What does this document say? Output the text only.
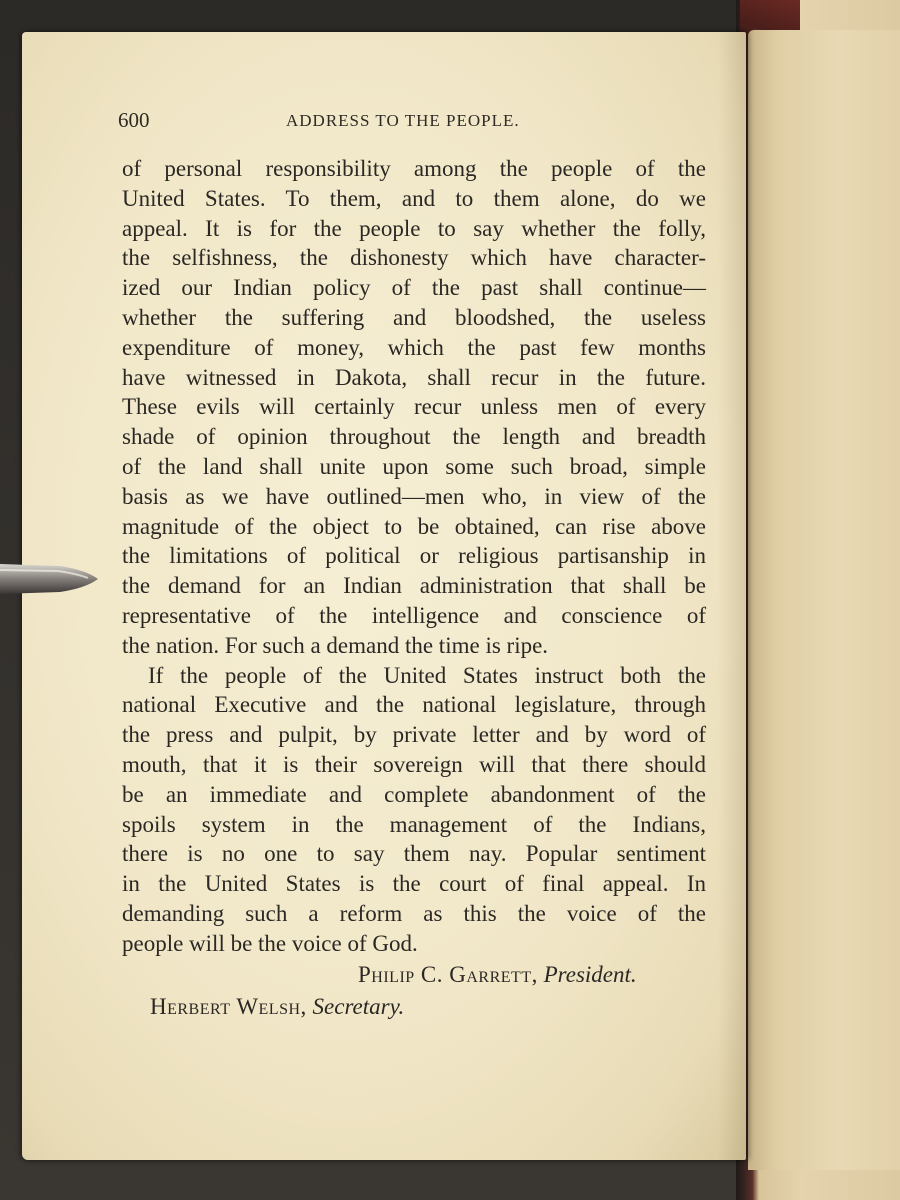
600	ADDRESS TO THE PEOPLE.
of personal responsibility among the people of the
United States. To them, and to them alone, do we
appeal. It is for the people to say whether the folly,
the selfishness, the dishonesty which have character-
ized our Indian policy of the past shall continue—
whether the suffering and bloodshed, the useless
expenditure of money, which the past few months
have witnessed in Dakota, shall recur in the future.
These evils will certainly recur unless men of every
shade of opinion throughout the length and breadth
of the land shall unite upon some such broad, simple
basis as we have outlined—men who, in view of the
magnitude of the object to be obtained, can rise above
the limitations of political or religious partisanship in
the demand for an Indian administration that shall be
representative of the intelligence and conscience of
the nation. For such a demand the time is ripe.
If the people of the United States instruct both the
national Executive and the national legislature, through
the press and pulpit, by private letter and by word of
mouth, that it is their sovereign will that there should
be an immediate and complete abandonment of the
spoils system in the management of the Indians,
there is no one to say them nay. Popular sentiment
in the United States is the court of final appeal. In
demanding such a reform as this the voice of the
people will be the voice of God.
Philip C. Garrett, President.
Herbert Welsh, Secretary.
